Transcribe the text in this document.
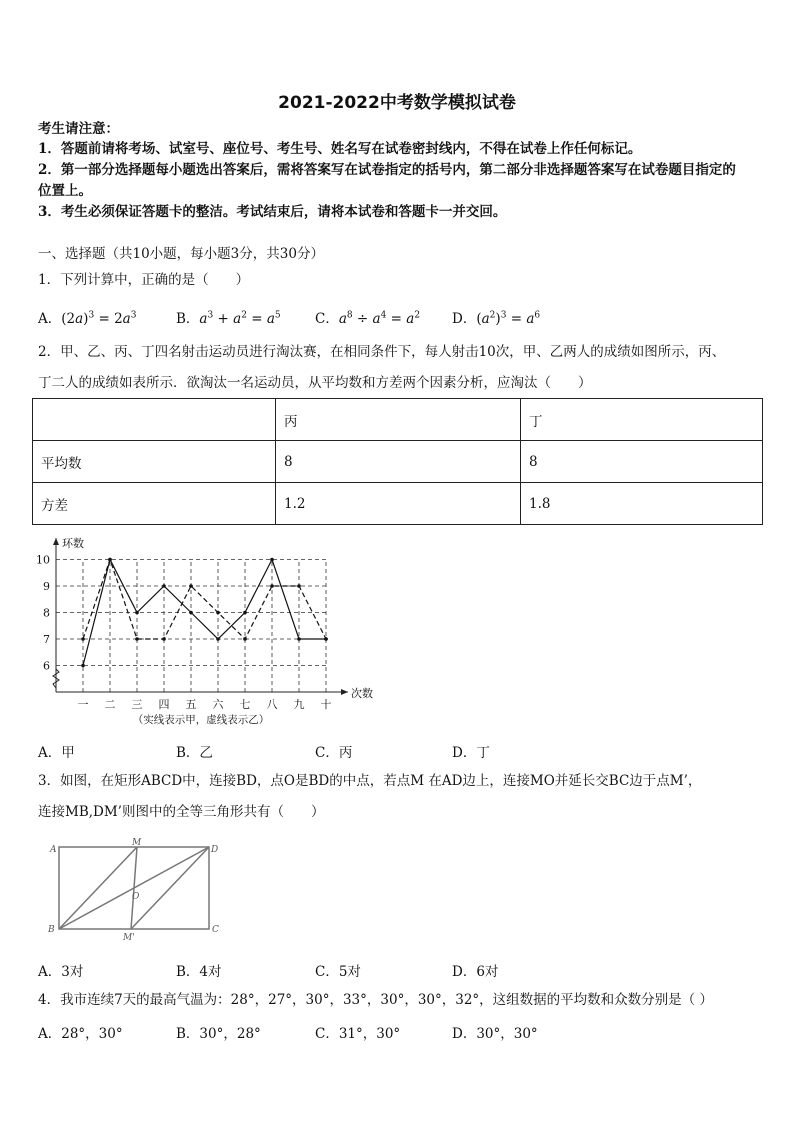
2021-2022中考数学模拟试卷
考生请注意：
1．答题前请将考场、试室号、座位号、考生号、姓名写在试卷密封线内，不得在试卷上作任何标记。
2．第一部分选择题每小题选出答案后，需将答案写在试卷指定的括号内，第二部分非选择题答案写在试卷题目指定的
位置上。
3．考生必须保证答题卡的整洁。考试结束后，请将本试卷和答题卡一并交回。
一、选择题（共10小题，每小题3分，共30分）
1．下列计算中，正确的是（　　）
A．$(2a)^3 = 2a^3$	B．$a^3 + a^2 = a^5$	C．$a^8 \div a^4 = a^2$ D．$(a^2)^3 = a^6$
2．甲、乙、丙、丁四名射击运动员进行淘汰赛，在相同条件下，每人射击10次，甲、乙两人的成绩如图所示，丙、
丁二人的成绩如表所示．欲淘汰一名运动员，从平均数和方差两个因素分析，应淘汰（　　）
	丙	丁
平均数	8	8
方差	1.2	1.8
6
7
8
9
10
一 二 三 四 五 六 七 八 九 十
环数
次数
（实线表示甲，虚线表示乙）
A．甲	B．乙	C．丙	D．丁
3．如图，在矩形ABCD中，连接BD，点O是BD的中点，若点M 在AD边上，连接MO并延长交BC边于点M’，
连接MB,DM’则图中的全等三角形共有（　　）
A
B	C
D
M
M'
O
A．3对	B．4对	C．5对	D．6对
4．我市连续7天的最高气温为：28°，27°，30°，33°，30°，30°，32°，这组数据的平均数和众数分别是（ ）
A．28°，30°	B．30°，28°	C．31°，30°	D．30°，30°
